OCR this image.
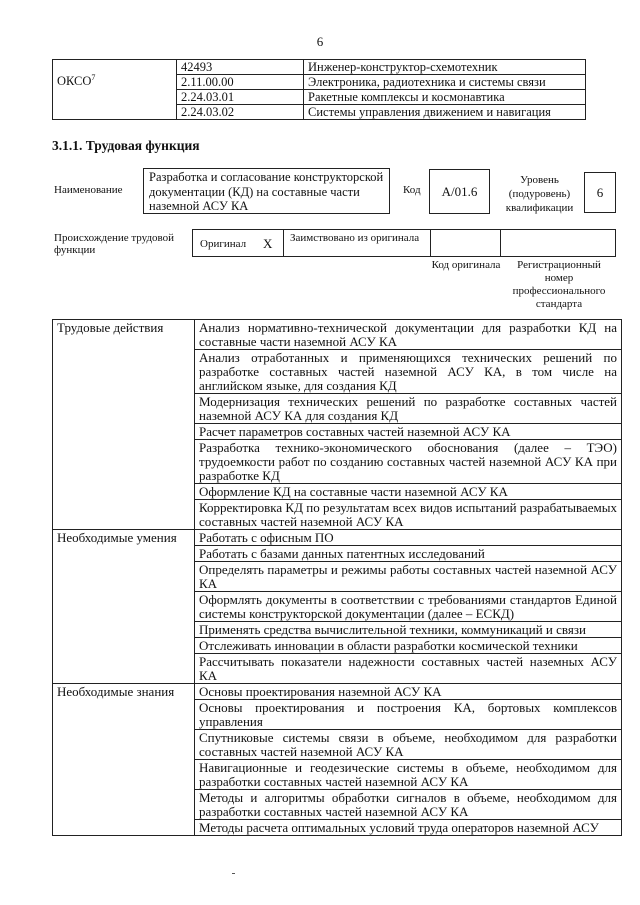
6
ОКСО$^7$	42493	Инженер-конструктор-схемотехник
	2.11.00.00	Электроника, радиотехника и системы связи
	2.24.03.01	Ракетные комплексы и космонавтика
	2.24.03.02	Системы управления движением и навигация
3.1.1. Трудовая функция
Наименование
Разработка и согласование конструкторской документации (КД) на составные части наземной АСУ КА
Код	A/01.6
Уровень (подуровень) квалификации
6
Происхождение трудовой функции	Оригинал X Заимствовано из оригинала
Код оригинала	Регистрационный номер профессионального стандарта
Трудовые действия	Анализ нормативно-технической документации для разработки КД на составные части наземной АСУ КА
	Анализ отработанных и применяющихся технических решений по разработке составных частей наземной АСУ КА, в том числе на английском языке, для создания КД
	Модернизация технических решений по разработке составных частей наземной АСУ КА для создания КД
	Расчет параметров составных частей наземной АСУ КА
	Разработка технико-экономического обоснования (далее – ТЭО) трудоемкости работ по созданию составных частей наземной АСУ КА при разработке КД
	Оформление КД на составные части наземной АСУ КА
	Корректировка КД по результатам всех видов испытаний разрабатываемых составных частей наземной АСУ КА
Необходимые умения	Работать с офисным ПО
	Работать с базами данных патентных исследований
	Определять параметры и режимы работы составных частей наземной АСУ КА
	Оформлять документы в соответствии с требованиями стандартов Единой системы конструкторской документации (далее – ЕСКД)
	Применять средства вычислительной техники, коммуникаций и связи
	Отслеживать инновации в области разработки космической техники
	Рассчитывать показатели надежности составных частей наземных АСУ КА
Необходимые знания	Основы проектирования наземной АСУ КА
	Основы проектирования и построения КА, бортовых комплексов управления
	Спутниковые системы связи в объеме, необходимом для разработки составных частей наземной АСУ КА
	Навигационные и геодезические системы в объеме, необходимом для разработки составных частей наземной АСУ КА
	Методы и алгоритмы обработки сигналов в объеме, необходимом для разработки составных частей наземной АСУ КА
	Методы расчета оптимальных условий труда операторов наземной АСУ
